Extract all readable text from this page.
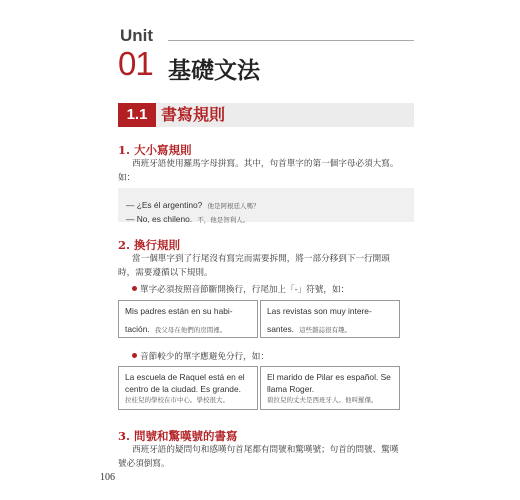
Unit
01 基礎文法
1.1 書寫規則
1. 大小寫規則
西班牙語使用羅馬字母拼寫。其中，句首單字的第一個字母必須大寫。
如：
— ¿Es él argentino? 他是阿根廷人嗎？
— No, es chileno. 不，他是智利人。
2. 換行規則
當一個單字到了行尾沒有寫完而需要拆開，將一部分移到下一行開頭
時，需要遵循以下規則。
單字必須按照音節斷開換行，行尾加上「-」符號，如：
Mis padres están en su habi-
tación. 我父母在他們的房間裡。
Las revistas son muy intere-
santes. 這些雜誌很有趣。
音節較少的單字應避免分行，如：
La escuela de Raquel está en el
centro de la ciudad. Es grande.
拉桂兒的學校在市中心。學校很大。
El marido de Pilar es español. Se
llama Roger.
碧拉兒的丈夫是西班牙人。他叫羅傑。
3. 問號和驚嘆號的書寫
西班牙語的疑問句和感嘆句首尾都有問號和驚嘆號；句首的問號、驚嘆
號必須倒寫。
106
